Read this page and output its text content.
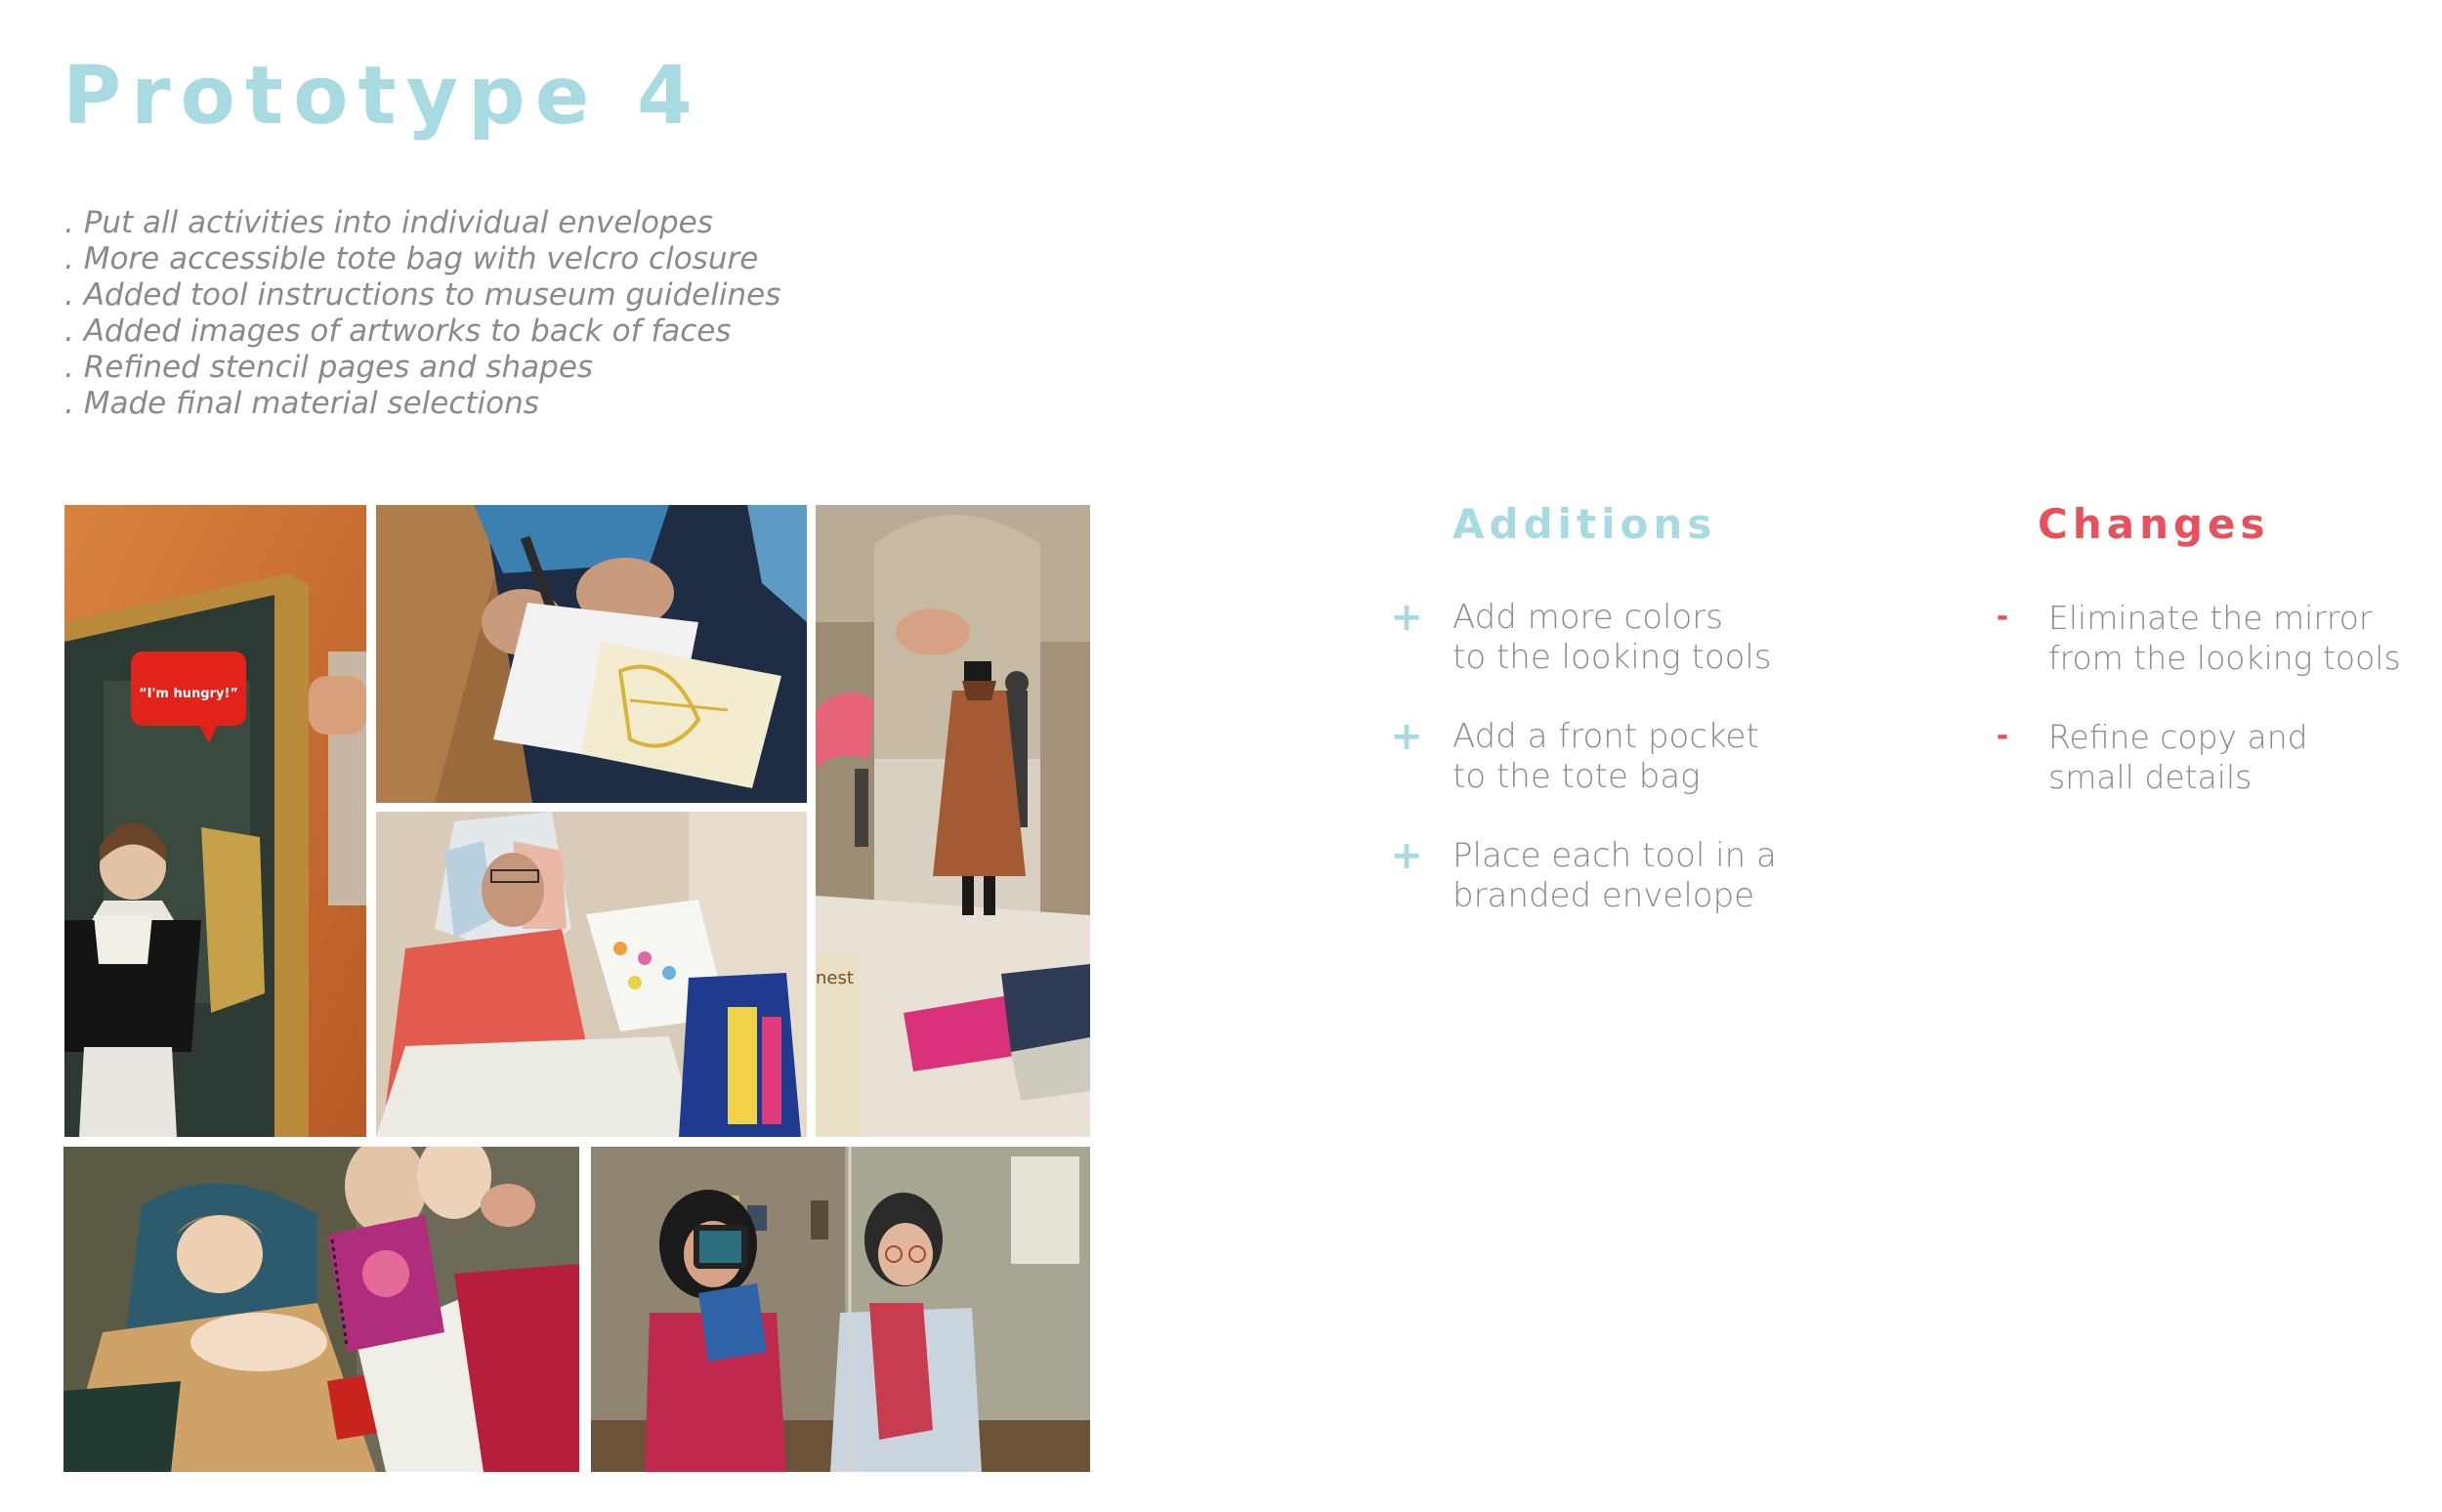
Prototype 4
. Put all activities into individual envelopes
. More accessible tote bag with velcro closure
. Added tool instructions to museum guidelines
. Added images of artworks to back of faces
. Refined stencil pages and shapes
. Made final material selections
“I'm hungry!”
nest
Additions
+ Add more colors
to the looking tools
+ Add a front pocket
to the tote bag
+ Place each tool in a
branded envelope
Changes
-	Eliminate the mirror
from the looking tools
-	Refine copy and
small details
